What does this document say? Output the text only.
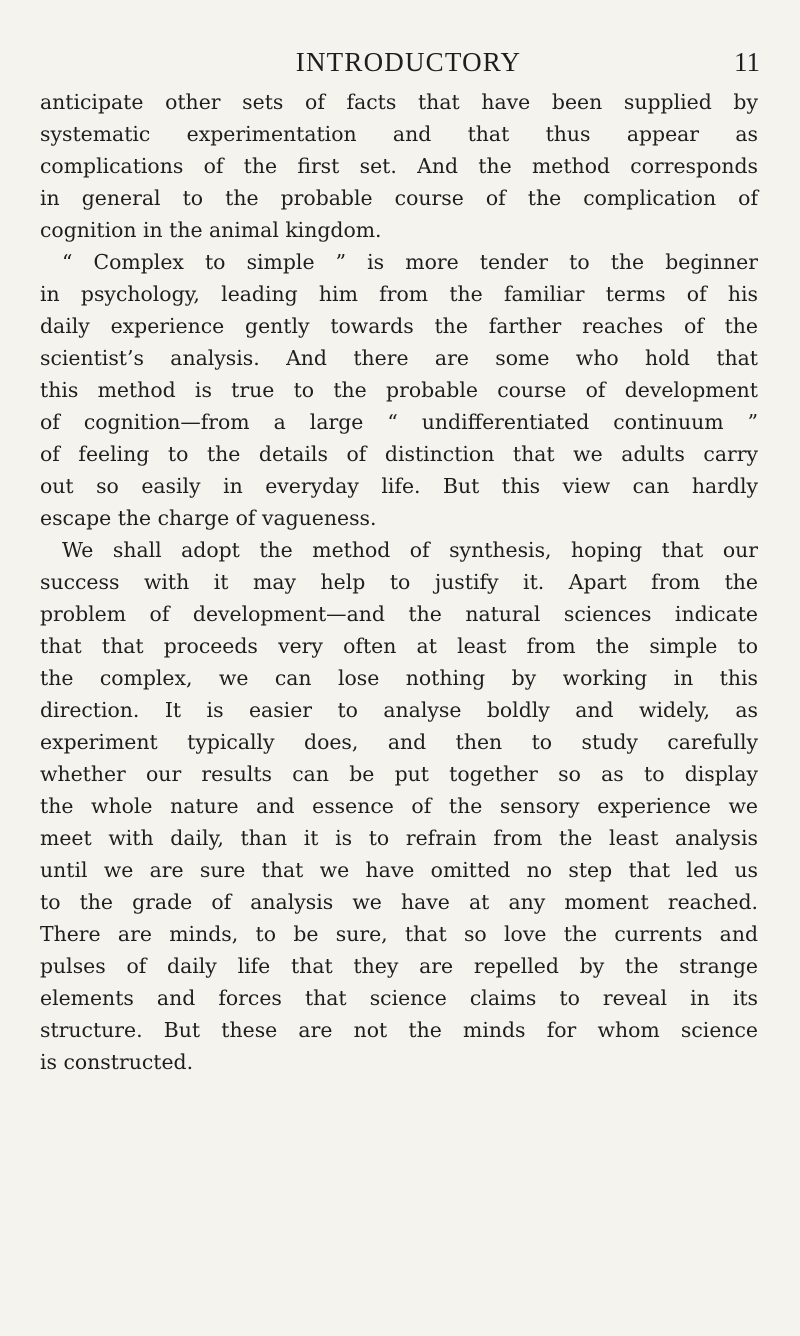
INTRODUCTORY	11
anticipate other sets of facts that have been supplied by
systematic experimentation and that thus appear as
complications of the first set. And the method corresponds
in general to the probable course of the complication of
cognition in the animal kingdom.
“ Complex to simple ” is more tender to the beginner
in psychology, leading him from the familiar terms of his
daily experience gently towards the farther reaches of the
scientist’s analysis. And there are some who hold that
this method is true to the probable course of development
of cognition—from a large “ undifferentiated continuum ”
of feeling to the details of distinction that we adults carry
out so easily in everyday life. But this view can hardly
escape the charge of vagueness.
We shall adopt the method of synthesis, hoping that our
success with it may help to justify it. Apart from the
problem of development—and the natural sciences indicate
that that proceeds very often at least from the simple to
the complex, we can lose nothing by working in this
direction. It is easier to analyse boldly and widely, as
experiment typically does, and then to study carefully
whether our results can be put together so as to display
the whole nature and essence of the sensory experience we
meet with daily, than it is to refrain from the least analysis
until we are sure that we have omitted no step that led us
to the grade of analysis we have at any moment reached.
There are minds, to be sure, that so love the currents and
pulses of daily life that they are repelled by the strange
elements and forces that science claims to reveal in its
structure. But these are not the minds for whom science
is constructed.
